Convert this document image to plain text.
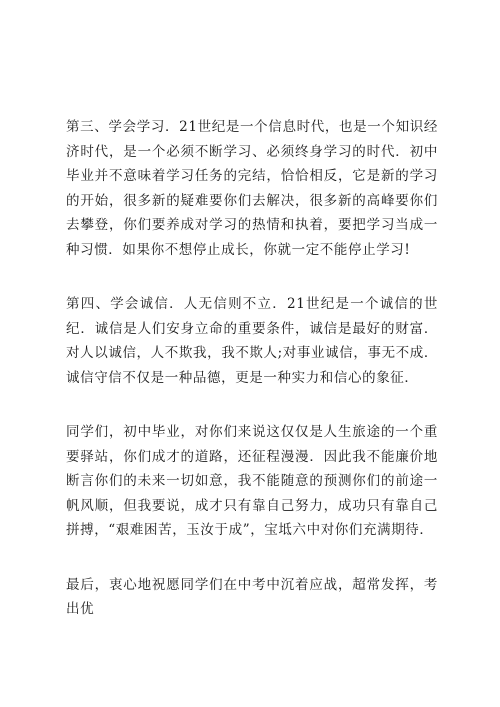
第三、学会学习．21世纪是一个信息时代，也是一个知识经济时代，是一个必须不断学习、必须终身学习的时代．初中毕业并不意味着学习任务的完结，恰恰相反，它是新的学习的开始，很多新的疑难要你们去解决，很多新的高峰要你们去攀登，你们要养成对学习的热情和执着，要把学习当成一种习惯．如果你不想停止成长，你就一定不能停止学习!

第四、学会诚信．人无信则不立．21世纪是一个诚信的世纪．诚信是人们安身立命的重要条件，诚信是最好的财富．对人以诚信，人不欺我，我不欺人;对事业诚信，事无不成．诚信守信不仅是一种品德，更是一种实力和信心的象征．

同学们，初中毕业，对你们来说这仅仅是人生旅途的一个重要驿站，你们成才的道路，还征程漫漫．因此我不能廉价地断言你们的未来一切如意，我不能随意的预测你们的前途一帆风顺，但我要说，成才只有靠自己努力，成功只有靠自己拼搏，“艰难困苦，玉汝于成”，宝坻六中对你们充满期待．

最后，衷心地祝愿同学们在中考中沉着应战，超常发挥，考出优
